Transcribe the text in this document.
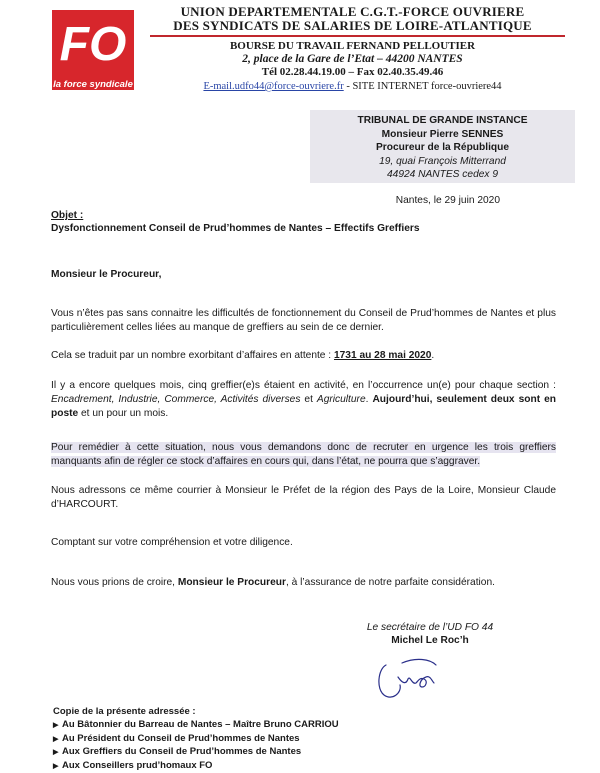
FO
la force syndicale
UNION DEPARTEMENTALE C.G.T.-FORCE OUVRIERE
DES SYNDICATS DE SALARIES DE LOIRE-ATLANTIQUE
BOURSE DU TRAVAIL FERNAND PELLOUTIER
2, place de la Gare de l’Etat – 44200 NANTES
Tél 02.28.44.19.00 – Fax 02.40.35.49.46
E-mail.udfo44@force-ouvriere.fr - SITE INTERNET force-ouvriere44
TRIBUNAL DE GRANDE INSTANCE
Monsieur Pierre SENNES
Procureur de la République
19, quai François Mitterrand
44924 NANTES cedex 9
Nantes, le 29 juin 2020
Objet :
Dysfonctionnement Conseil de Prud’hommes de Nantes – Effectifs Greffiers
Monsieur le Procureur,
Vous n’êtes pas sans connaitre les difficultés de fonctionnement du Conseil de Prud’hommes de Nantes et plus particulièrement celles liées au manque de greffiers au sein de ce dernier.
Cela se traduit par un nombre exorbitant d’affaires en attente : 1731 au 28 mai 2020.
Il y a encore quelques mois, cinq greffier(e)s étaient en activité, en l’occurrence un(e) pour chaque section : Encadrement, Industrie, Commerce, Activités diverses et Agriculture. Aujourd’hui, seulement deux sont en poste et un pour un mois.
Pour remédier à cette situation, nous vous demandons donc de recruter en urgence les trois greffiers manquants afin de régler ce stock d’affaires en cours qui, dans l’état, ne pourra que s’aggraver.
Nous adressons ce même courrier à Monsieur le Préfet de la région des Pays de la Loire, Monsieur Claude d’HARCOURT.
Comptant sur votre compréhension et votre diligence.
Nous vous prions de croire, Monsieur le Procureur, à l’assurance de notre parfaite considération.
Le secrétaire de l’UD FO 44
Michel Le Roc’h
Copie de la présente adressée :
▶ Au Bâtonnier du Barreau de Nantes – Maître Bruno CARRIOU
▶ Au Président du Conseil de Prud’hommes de Nantes
▶ Aux Greffiers du Conseil de Prud’hommes de Nantes
▶ Aux Conseillers prud’homaux FO
